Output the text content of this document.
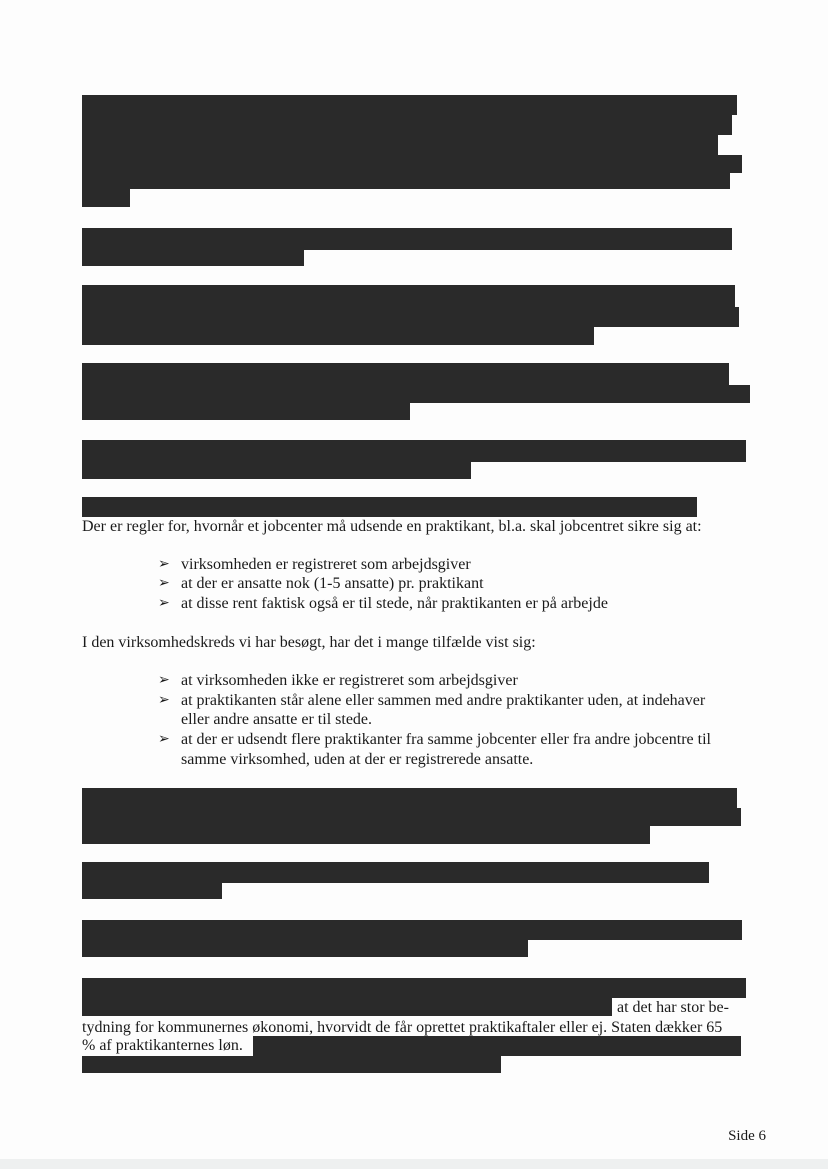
Der er regler for, hvornår et jobcenter må udsende en praktikant, bl.a. skal jobcentret sikre sig at:
➢ virksomheden er registreret som arbejdsgiver
➢ at der er ansatte nok (1-5 ansatte) pr. praktikant
➢ at disse rent faktisk også er til stede, når praktikanten er på arbejde
I den virksomhedskreds vi har besøgt, har det i mange tilfælde vist sig:
➢ at virksomheden ikke er registreret som arbejdsgiver
➢ at praktikanten står alene eller sammen med andre praktikanter uden, at indehaver
eller andre ansatte er til stede.
➢ at der er udsendt flere praktikanter fra samme jobcenter eller fra andre jobcentre til
samme virksomhed, uden at der er registrerede ansatte.
at det har stor be-
tydning for kommunernes økonomi, hvorvidt de får oprettet praktikaftaler eller ej. Staten dækker 65
% af praktikanternes løn.
Side 6
